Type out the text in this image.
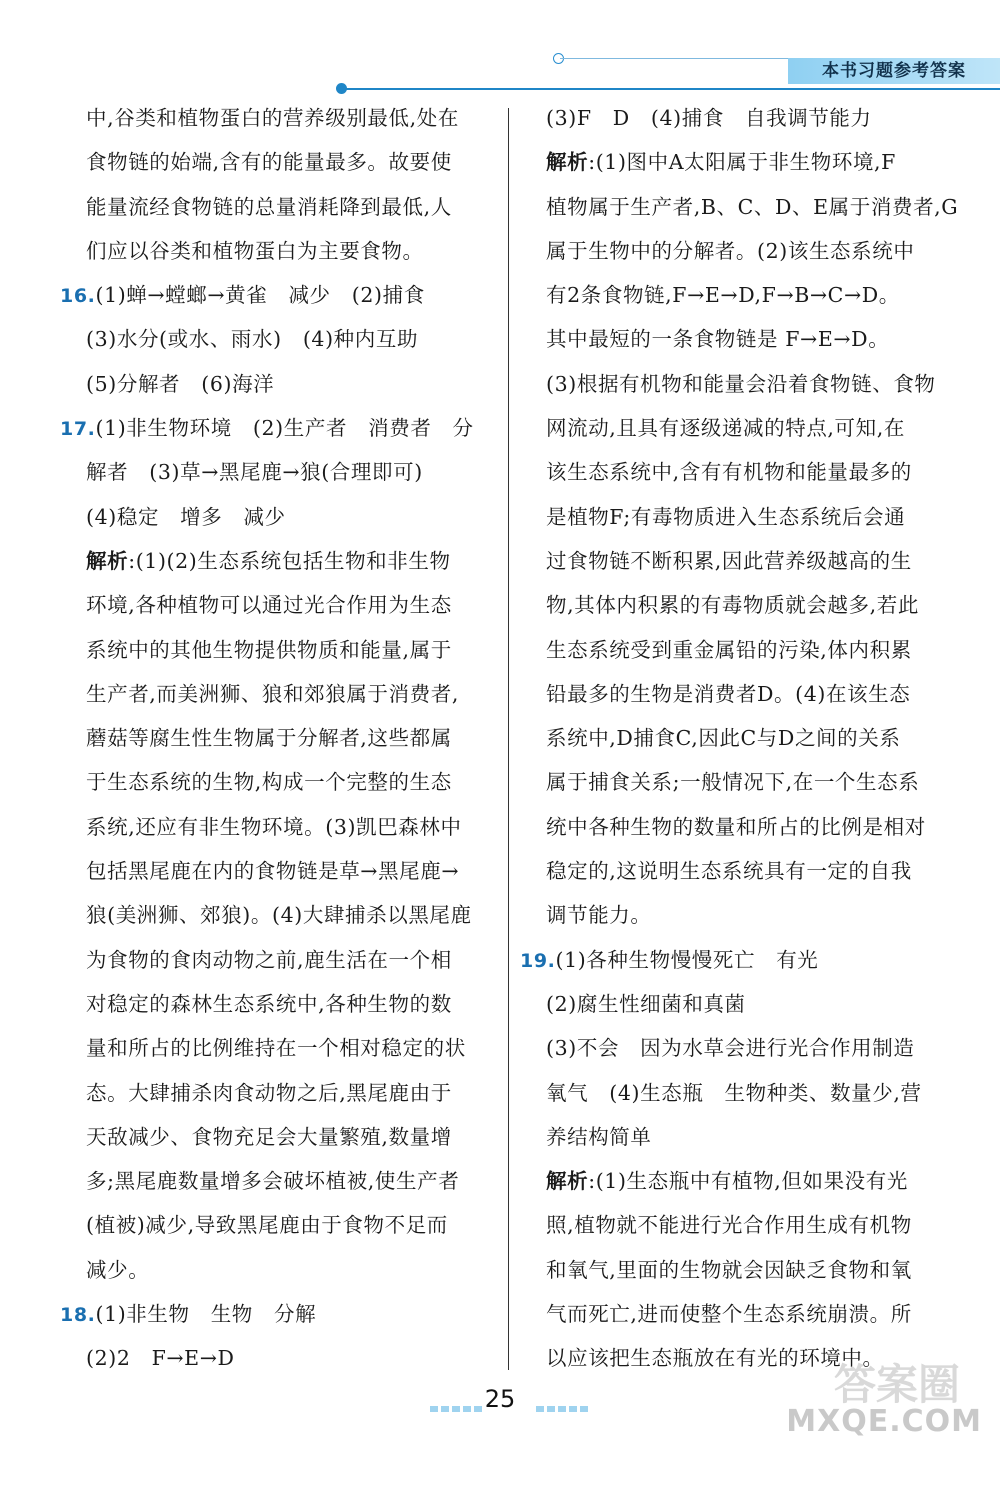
本书习题参考答案
中,谷类和植物蛋白的营养级别最低,处在
食物链的始端,含有的能量最多。故要使
能量流经食物链的总量消耗降到最低,人
们应以谷类和植物蛋白为主要食物。
16.(1)蝉→螳螂→黄雀　减少　(2)捕食
(3)水分(或水、雨水)　(4)种内互助
(5)分解者　(6)海洋
17.(1)非生物环境　(2)生产者　消费者　分
解者　(3)草→黑尾鹿→狼(合理即可)
(4)稳定　增多　减少
解析:(1)(2)生态系统包括生物和非生物
环境,各种植物可以通过光合作用为生态
系统中的其他生物提供物质和能量,属于
生产者,而美洲狮、狼和郊狼属于消费者,
蘑菇等腐生性生物属于分解者,这些都属
于生态系统的生物,构成一个完整的生态
系统,还应有非生物环境。(3)凯巴森林中
包括黑尾鹿在内的食物链是草→黑尾鹿→
狼(美洲狮、郊狼)。(4)大肆捕杀以黑尾鹿
为食物的食肉动物之前,鹿生活在一个相
对稳定的森林生态系统中,各种生物的数
量和所占的比例维持在一个相对稳定的状
态。大肆捕杀肉食动物之后,黑尾鹿由于
天敌减少、食物充足会大量繁殖,数量增
多;黑尾鹿数量增多会破坏植被,使生产者
(植被)减少,导致黑尾鹿由于食物不足而
减少。
18.(1)非生物　生物　分解
(2)2　F→E→D
(3)F　D　(4)捕食　自我调节能力
解析:(1)图中A太阳属于非生物环境,F
植物属于生产者,B、C、D、E属于消费者,G
属于生物中的分解者。(2)该生态系统中
有2条食物链,F→E→D,F→B→C→D。
其中最短的一条食物链是 F→E→D。
(3)根据有机物和能量会沿着食物链、食物
网流动,且具有逐级递减的特点,可知,在
该生态系统中,含有有机物和能量最多的
是植物F;有毒物质进入生态系统后会通
过食物链不断积累,因此营养级越高的生
物,其体内积累的有毒物质就会越多,若此
生态系统受到重金属铅的污染,体内积累
铅最多的生物是消费者D。(4)在该生态
系统中,D捕食C,因此C与D之间的关系
属于捕食关系;一般情况下,在一个生态系
统中各种生物的数量和所占的比例是相对
稳定的,这说明生态系统具有一定的自我
调节能力。
19.(1)各种生物慢慢死亡　有光
(2)腐生性细菌和真菌
(3)不会　因为水草会进行光合作用制造
氧气　(4)生态瓶　生物种类、数量少,营
养结构简单
解析:(1)生态瓶中有植物,但如果没有光
照,植物就不能进行光合作用生成有机物
和氧气,里面的生物就会因缺乏食物和氧
气而死亡,进而使整个生态系统崩溃。所
以应该把生态瓶放在有光的环境中。
25	答案圈
MXQE.COM
